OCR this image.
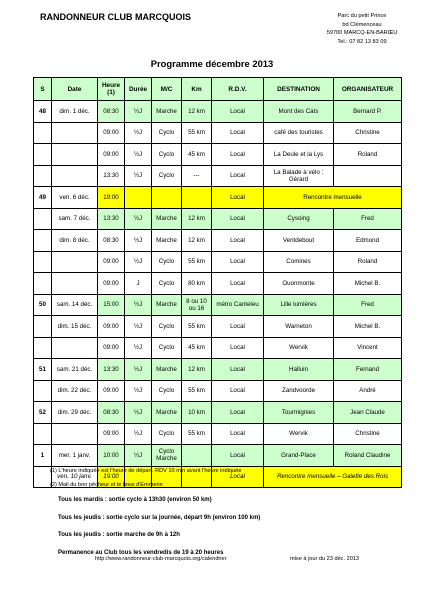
RANDONNEUR CLUB MARCQUOIS	Parc du petit Prince
bd Clémenceau
59700 MARCQ-EN-BARŒU
Tel.: 07 82 13 83 09
Programme décembre 2013
S	Date	Heure (1)	Durée	M/C	Km	R.D.V.	DESTINATION	ORGANISATEUR
48	dim. 1 déc.	08:30	½J	Marche	12 km	Local	Mont des Cats	Bernard P.
		09:00	½J	Cyclo	55 km	Local	café des touristes	Christine
		09:00	½J	Cyclo	45 km	Local	La Deule et la Lys	Roland
		13:30	½J	Cyclo	---	Local	La Balade à vélo : Gérard	
49	ven. 6 déc.	19:00				Local	Rencontre mensuelle	
	sam. 7 déc.	13:30	½J	Marche	12 km	Local	Cysoing	Fred
	dim. 8 déc.	08:30	½J	Marche	12 km	Local	Ventdebout	Edmond
		09:00	½J	Cyclo	55 km	Local	Comines	Roland
		09:00	J	Cyclo	80 km	Local	Ouonmonte	Michel B.
50	sam. 14 déc.	15:00	½J	Marche	8 ou 10 ou 16	métro Canteleu	Lille lumières	Fred
	dim. 15 déc.	09:00	½J	Cyclo	55 km	Local	Warneton	Michel B.
		09:00	½J	Cyclo	45 km	Local	Wervik	Vincent
51	sam. 21 déc.	13:30	½J	Marche	12 km	Local	Halluin	Fernand
	dim. 22 déc.	09:00	½J	Cyclo	55 km	Local	Zandvoorde	André
52	dim. 29 déc.	08:30	½J	Marche	10 km	Local	Tourmignies	Jean Claude
		09:00	½J	Cyclo	55 km	Local	Wervik	Christine
1	mer. 1 janv.	10:00	½J	Cyclo Marche		Local	Grand-Place	Roland Claudine
	ven. 10 janv.	19:00				Local	Rencontre mensuelle – Galette des Rois	
(1) L'heure indiquée est l'heure de départ. RDV 10 min avant l'heure indiquée
(2) Mail du bon pêcheur et le boss d'Emmerin
Tous les mardis : sortie cyclo à 13h30 (environ 50 km)
Tous les jeudis : sortie cyclo sur la journée, départ 9h (environ 100 km)
Tous les jeudis : sortie marche de 9h à 12h
Permanence au Club tous les vendredis de 19 à 20 heures
http://www.randonneur-club-marcquois.org/calendrier	mise à jour du 23 déc. 2013
